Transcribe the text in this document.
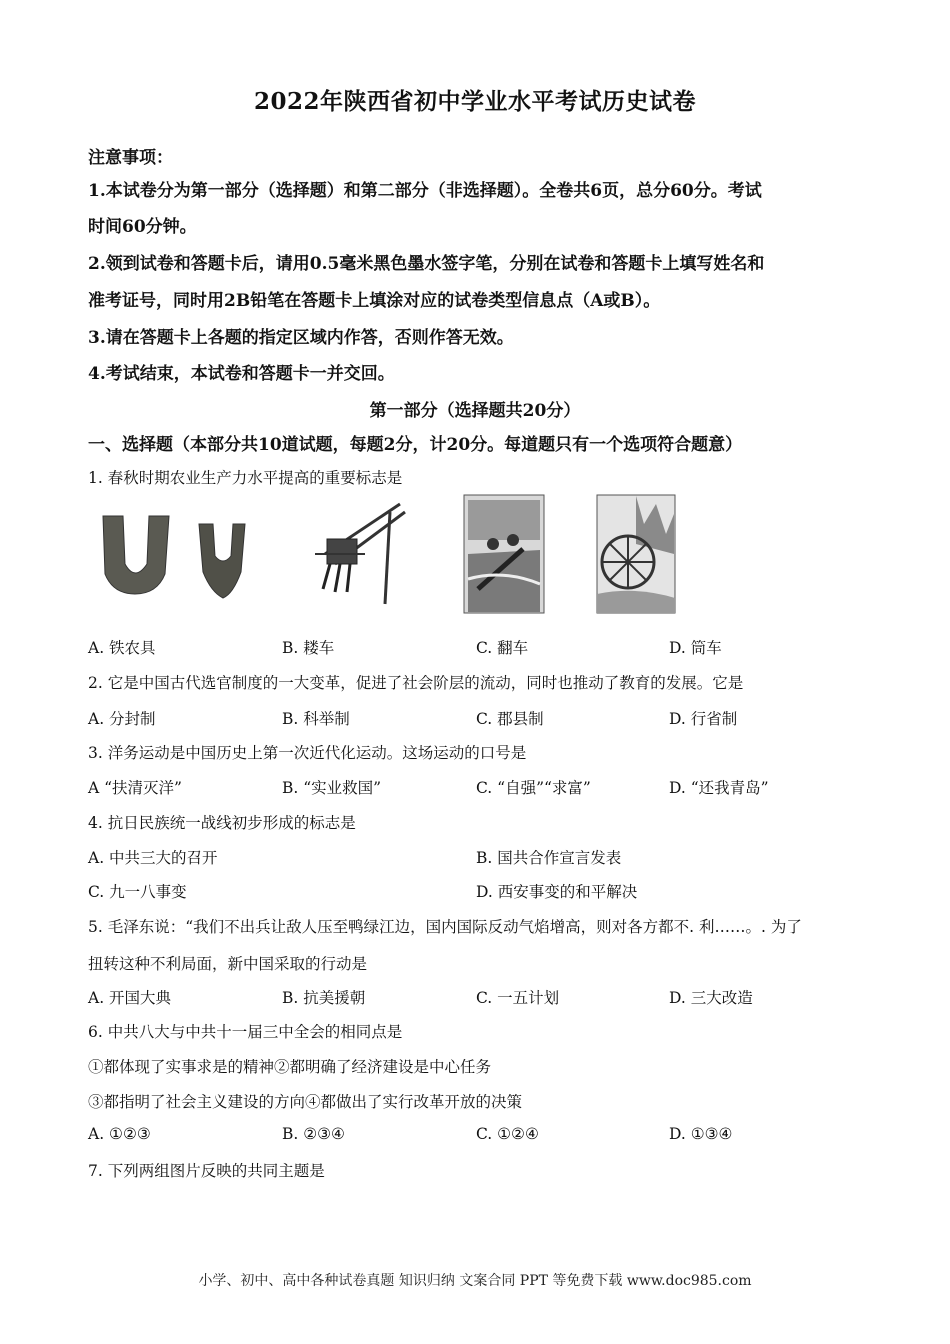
2022年陕西省初中学业水平考试历史试卷
注意事项：
1.本试卷分为第一部分（选择题）和第二部分（非选择题）。全卷共6页，总分60分。考试
时间60分钟。
2.领到试卷和答题卡后，请用0.5毫米黑色墨水签字笔，分别在试卷和答题卡上填写姓名和
准考证号，同时用2B铅笔在答题卡上填涂对应的试卷类型信息点（A或B）。
3.请在答题卡上各题的指定区域内作答，否则作答无效。
4.考试结束，本试卷和答题卡一并交回。
第一部分（选择题共20分）
一、选择题（本部分共10道试题，每题2分，计20分。每道题只有一个选项符合题意）
1. 春秋时期农业生产力水平提高的重要标志是
A. 铁农具	B. 耧车	C. 翻车	D. 筒车
2. 它是中国古代选官制度的一大变革，促进了社会阶层的流动，同时也推动了教育的发展。它是
A. 分封制	B. 科举制	C. 郡县制	D. 行省制
3. 洋务运动是中国历史上第一次近代化运动。这场运动的口号是
A “扶清灭洋”	B. “实业救国”	C. “自强”“求富”	D. “还我青岛”
4. 抗日民族统一战线初步形成的标志是
A. 中共三大的召开	B. 国共合作宣言发表
C. 九一八事变	D. 西安事变的和平解决
5. 毛泽东说：“我们不出兵让敌人压至鸭绿江边，国内国际反动气焰增高，则对各方都不. 利……。. 为了
扭转这种不利局面，新中国采取的行动是
A. 开国大典	B. 抗美援朝	C. 一五计划	D. 三大改造
6. 中共八大与中共十一届三中全会的相同点是
①都体现了实事求是的精神②都明确了经济建设是中心任务
③都指明了社会主义建设的方向④都做出了实行改革开放的决策
A. ①②③	B. ②③④	C. ①②④	D. ①③④
7. 下列两组图片反映的共同主题是
小学、初中、高中各种试卷真题 知识归纳 文案合同 PPT 等免费下载 www.doc985.com
